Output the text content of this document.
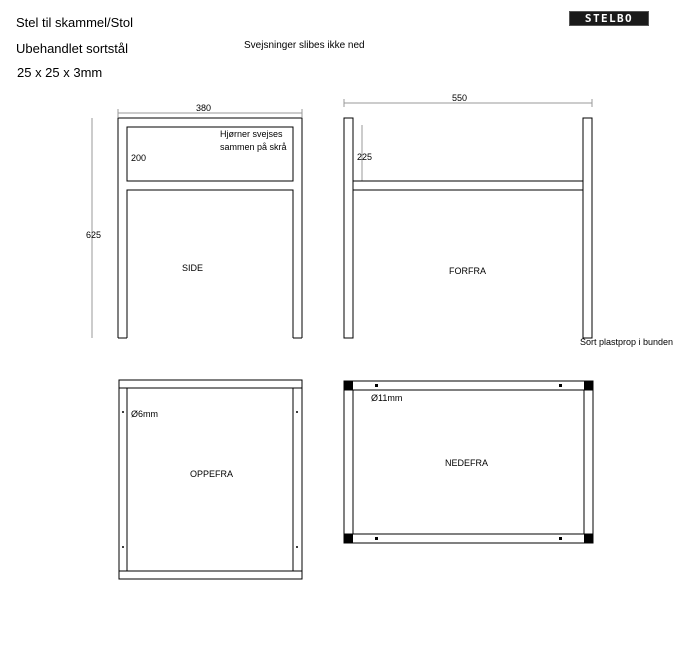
Stel til skammel/Stol
Ubehandlet sortstål
25 x 25 x 3mm
Svejsninger slibes ikke ned
STELBO
380
625
200
Hjørner svejses
sammen på skrå
SIDE
550
225
FORFRA
Sort plastprop i bunden
Ø6mm
OPPEFRA
Ø11mm
NEDEFRA
